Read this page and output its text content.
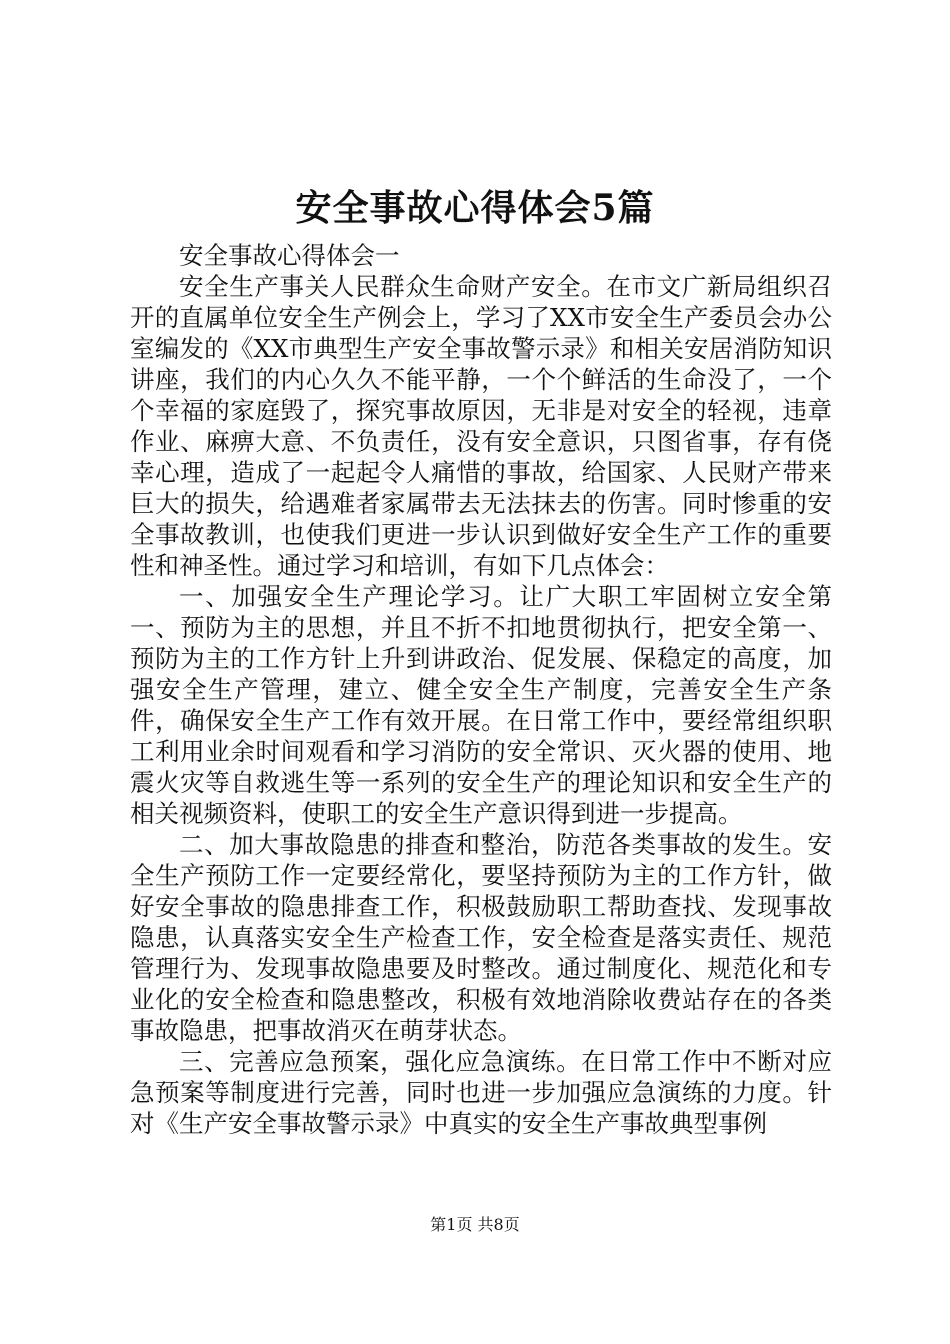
安全事故心得体会5篇

安全事故心得体会一

安全生产事关人民群众生命财产安全。在市文广新局组织召开的直属单位安全生产例会上，学习了XX市安全生产委员会办公室编发的《XX市典型生产安全事故警示录》和相关安居消防知识讲座，我们的内心久久不能平静，一个个鲜活的生命没了，一个个幸福的家庭毁了，探究事故原因，无非是对安全的轻视，违章作业、麻痹大意、不负责任，没有安全意识，只图省事，存有侥幸心理，造成了一起起令人痛惜的事故，给国家、人民财产带来巨大的损失，给遇难者家属带去无法抹去的伤害。同时惨重的安全事故教训，也使我们更进一步认识到做好安全生产工作的重要性和神圣性。通过学习和培训，有如下几点体会：

一、加强安全生产理论学习。让广大职工牢固树立安全第一、预防为主的思想，并且不折不扣地贯彻执行，把安全第一、预防为主的工作方针上升到讲政治、促发展、保稳定的高度，加强安全生产管理，建立、健全安全生产制度，完善安全生产条件，确保安全生产工作有效开展。在日常工作中，要经常组织职工利用业余时间观看和学习消防的安全常识、灭火器的使用、地震火灾等自救逃生等一系列的安全生产的理论知识和安全生产的相关视频资料，使职工的安全生产意识得到进一步提高。

二、加大事故隐患的排查和整治，防范各类事故的发生。安全生产预防工作一定要经常化，要坚持预防为主的工作方针，做好安全事故的隐患排查工作，积极鼓励职工帮助查找、发现事故隐患，认真落实安全生产检查工作，安全检查是落实责任、规范管理行为、发现事故隐患要及时整改。通过制度化、规范化和专业化的安全检查和隐患整改，积极有效地消除收费站存在的各类事故隐患，把事故消灭在萌芽状态。

三、完善应急预案，强化应急演练。在日常工作中不断对应急预案等制度进行完善，同时也进一步加强应急演练的力度。针对《生产安全事故警示录》中真实的安全生产事故典型事例

第1页 共8页
